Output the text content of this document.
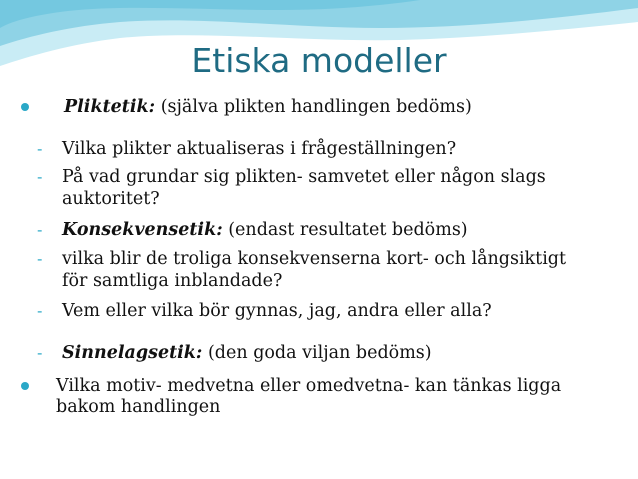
Etiska modeller
Pliktetik: (själva plikten handlingen bedöms)
- Vilka plikter aktualiseras i frågeställningen?
- På vad grundar sig plikten- samvetet eller någon slags
auktoritet?
- Konsekvensetik: (endast resultatet bedöms)
- vilka blir de troliga konsekvenserna kort- och långsiktigt
för samtliga inblandade?
- Vem eller vilka bör gynnas, jag, andra eller alla?
- Sinnelagsetik: (den goda viljan bedöms)
Vilka motiv- medvetna eller omedvetna- kan tänkas ligga
bakom handlingen
